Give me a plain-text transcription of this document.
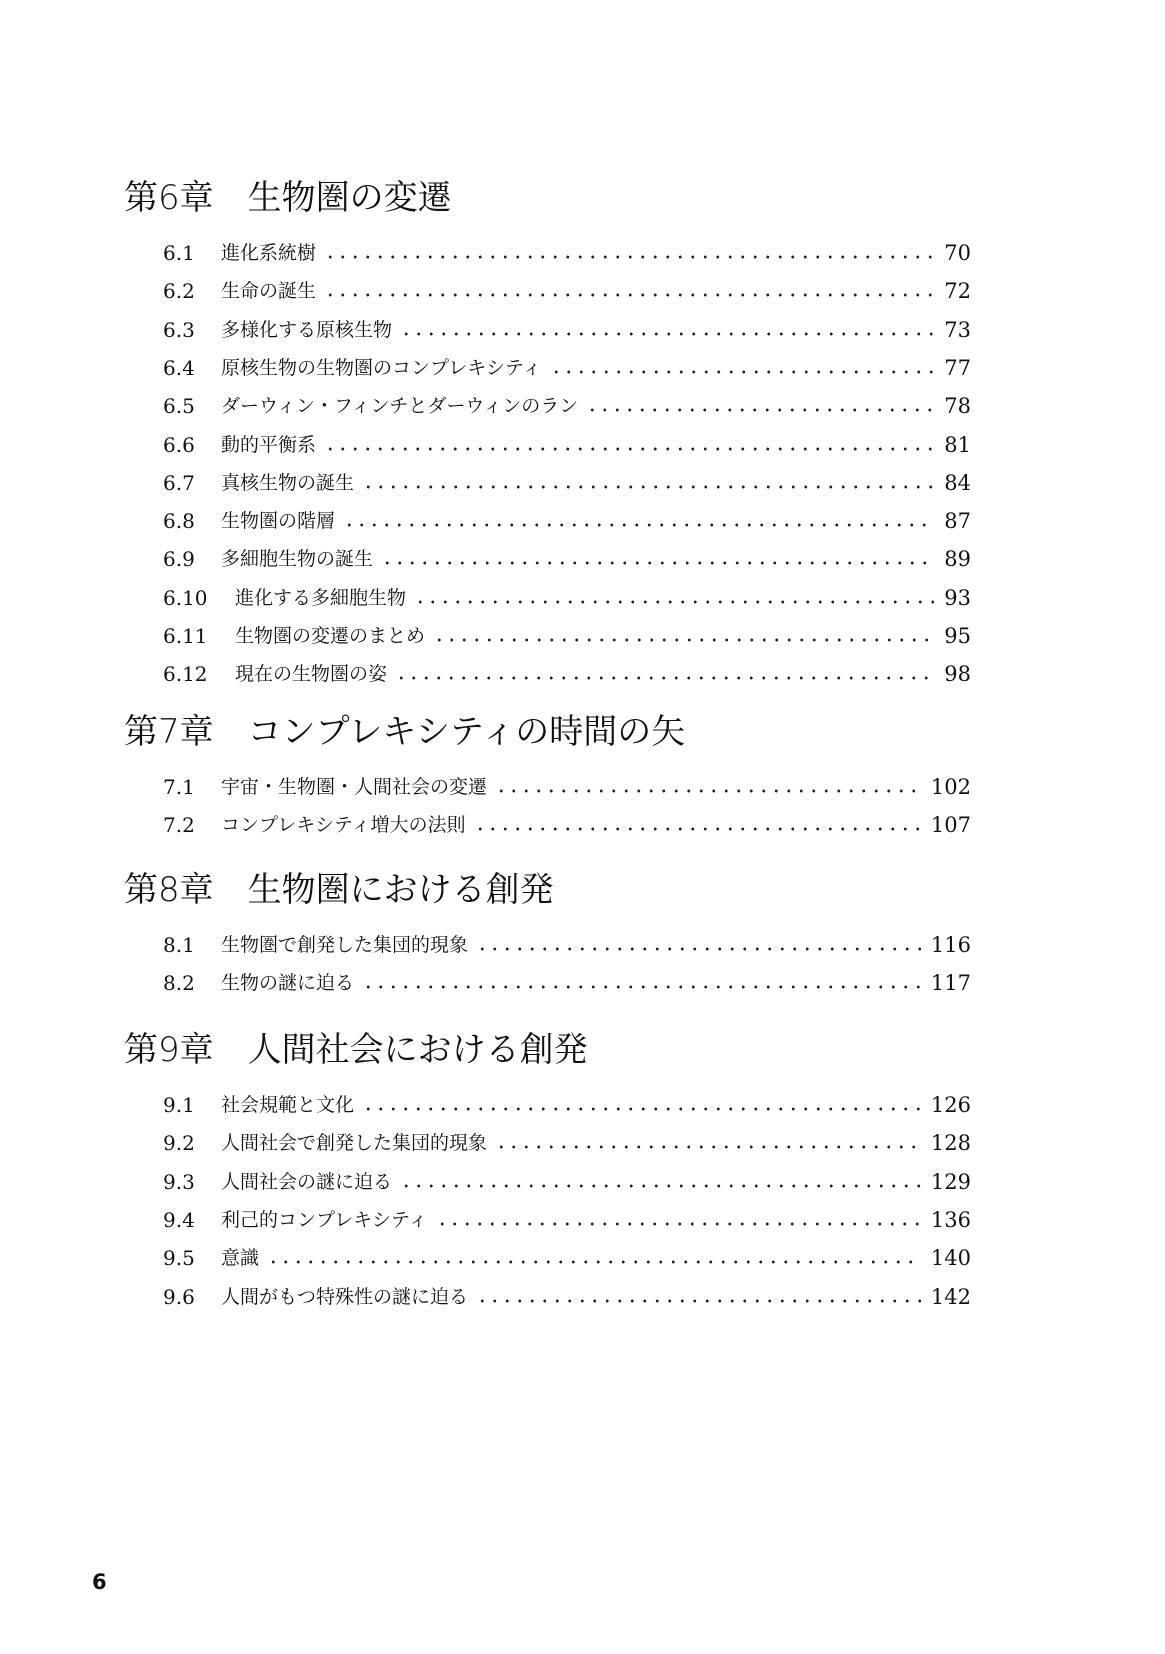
第6章　生物圏の変遷
6.1	進化系統樹	70
6.2	生命の誕生	72
6.3	多様化する原核生物	73
6.4	原核生物の生物圏のコンプレキシティ	77
6.5	ダーウィン・フィンチとダーウィンのラン	78
6.6	動的平衡系	81
6.7	真核生物の誕生	84
6.8	生物圏の階層	87
6.9	多細胞生物の誕生	89
6.10	進化する多細胞生物	93
6.11	生物圏の変遷のまとめ	95
6.12	現在の生物圏の姿	98
第7章　コンプレキシティの時間の矢
7.1	宇宙・生物圏・人間社会の変遷	102
7.2	コンプレキシティ増大の法則	107
第8章　生物圏における創発
8.1	生物圏で創発した集団的現象	116
8.2	生物の謎に迫る	117
第9章　人間社会における創発
9.1	社会規範と文化	126
9.2	人間社会で創発した集団的現象	128
9.3	人間社会の謎に迫る	129
9.4	利己的コンプレキシティ	136
9.5	意識	140
9.6	人間がもつ特殊性の謎に迫る	142
6
